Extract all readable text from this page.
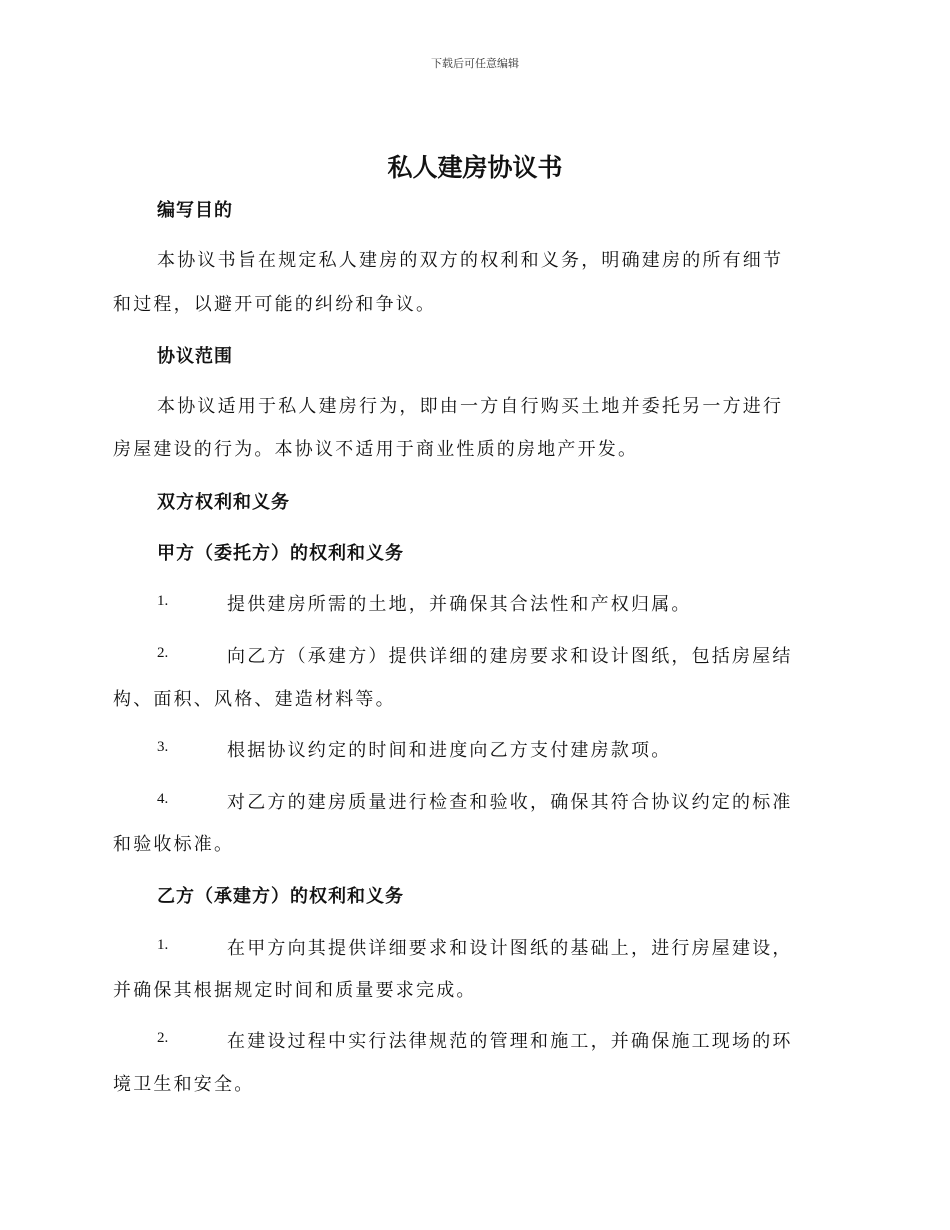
下载后可任意编辑
私人建房协议书
编写目的
本协议书旨在规定私人建房的双方的权利和义务，明确建房的所有细节
和过程，以避开可能的纠纷和争议。
协议范围
本协议适用于私人建房行为，即由一方自行购买土地并委托另一方进行
房屋建设的行为。本协议不适用于商业性质的房地产开发。
双方权利和义务
甲方（委托方）的权利和义务
1.	提供建房所需的土地，并确保其合法性和产权归属。
2.	向乙方（承建方）提供详细的建房要求和设计图纸，包括房屋结
构、面积、风格、建造材料等。
3.	根据协议约定的时间和进度向乙方支付建房款项。
4.	对乙方的建房质量进行检查和验收，确保其符合协议约定的标准
和验收标准。
乙方（承建方）的权利和义务
1.	在甲方向其提供详细要求和设计图纸的基础上，进行房屋建设，
并确保其根据规定时间和质量要求完成。
2.	在建设过程中实行法律规范的管理和施工，并确保施工现场的环
境卫生和安全。
